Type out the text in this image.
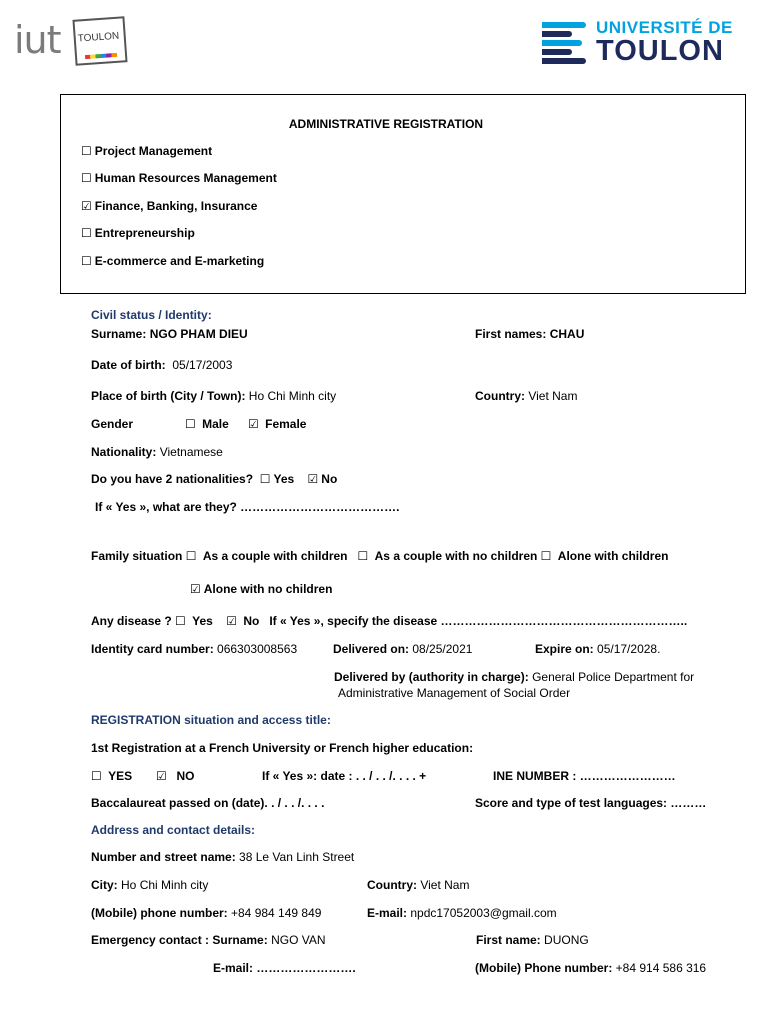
iut TOULON
UNIVERSITÉ DE
TOULON
ADMINISTRATIVE REGISTRATION
☐ Project Management
☐ Human Resources Management
☑ Finance, Banking, Insurance
☐ Entrepreneurship
☐ E-commerce and E-marketing
Civil status / Identity:
Surname: NGO PHAM DIEU	First names: CHAU
Date of birth: 05/17/2003
Place of birth (City / Town): Ho Chi Minh city	Country: Viet Nam
Gender	☐ Male ☑ Female
Nationality: Vietnamese
Do you have 2 nationalities? ☐ Yes ☑ No
If « Yes », what are they? ………………………………….
Family situation ☐ As a couple with children ☐ As a couple with no children ☐ Alone with children
☑ Alone with no children
Any disease ? ☐ Yes ☑ No If « Yes », specify the disease ……………………………………………………..
Identity card number: 066303008563	Delivered on: 08/25/2021	Expire on: 05/17/2028.
Delivered by (authority in charge): General Police Department for
Administrative Management of Social Order
REGISTRATION situation and access title:
1st Registration at a French University or French higher education:
☐ YES ☑ NO	If « Yes »: date : . . / . . /. . . . +	INE NUMBER : ……………………
Baccalaureat passed on (date). . / . . /. . . .	Score and type of test languages: ………
Address and contact details:
Number and street name: 38 Le Van Linh Street
City: Ho Chi Minh city	Country: Viet Nam
(Mobile) phone number: +84 984 149 849	E-mail: npdc17052003@gmail.com
Emergency contact : Surname: NGO VAN	First name: DUONG
E-mail: …………………….	(Mobile) Phone number: +84 914 586 316
